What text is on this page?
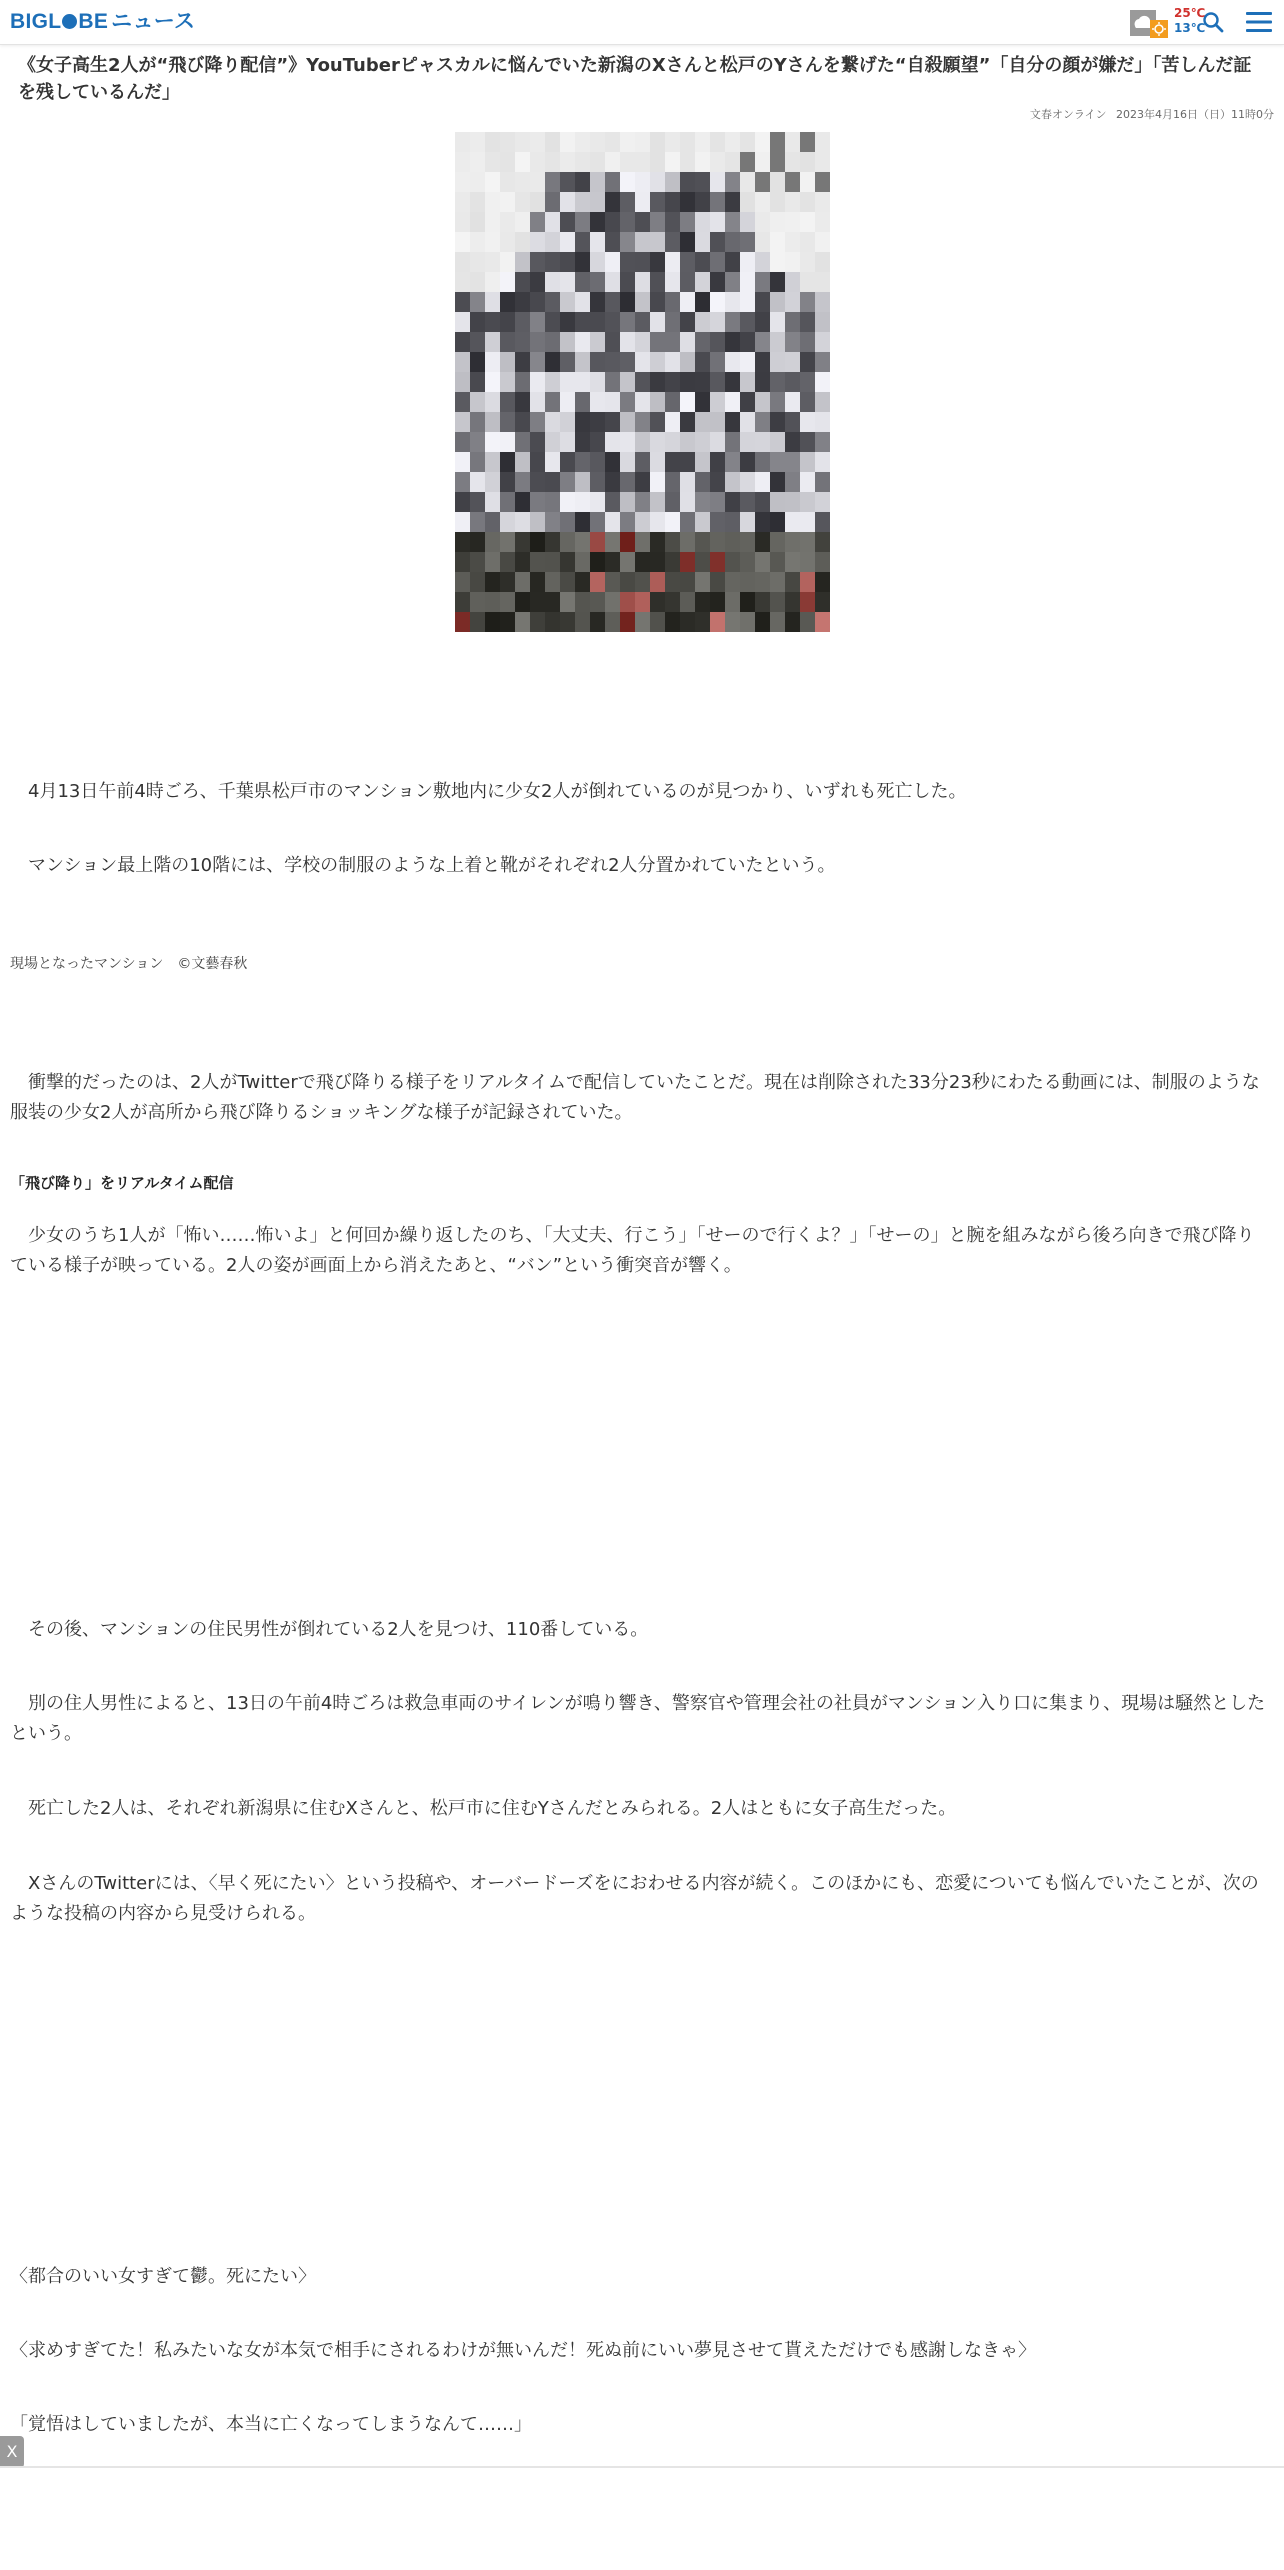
BIGL BE ニュース	25℃
13℃
《女子高生2人が“飛び降り配信”》YouTuberピャスカルに悩んでいた新潟のXさんと松戸のYさんを繋げた“自殺願望”「自分の顔が嫌だ」「苦しんだ証を残しているんだ」
文春オンライン 2023年4月16日（日）11時0分

　4月13日午前4時ごろ、千葉県松戸市のマンション敷地内に少女2人が倒れているのが見つかり、いずれも死亡した。

　マンション最上階の10階には、学校の制服のような上着と靴がそれぞれ2人分置かれていたという。

現場となったマンション　©文藝春秋

　衝撃的だったのは、2人がTwitterで飛び降りる様子をリアルタイムで配信していたことだ。現在は削除された33分23秒にわたる動画には、制服のような服装の少女2人が高所から飛び降りるショッキングな様子が記録されていた。

「飛び降り」をリアルタイム配信

　少女のうち1人が「怖い……怖いよ」と何回か繰り返したのち、「大丈夫、行こう」「せーので行くよ？」「せーの」と腕を組みながら後ろ向きで飛び降りている様子が映っている。2人の姿が画面上から消えたあと、“バン”という衝突音が響く。

　その後、マンションの住民男性が倒れている2人を見つけ、110番している。

　別の住人男性によると、13日の午前4時ごろは救急車両のサイレンが鳴り響き、警察官や管理会社の社員がマンション入り口に集まり、現場は騒然としたという。

　死亡した2人は、それぞれ新潟県に住むXさんと、松戸市に住むYさんだとみられる。2人はともに女子高生だった。

　XさんのTwitterには、〈早く死にたい〉という投稿や、オーバードーズをにおわせる内容が続く。このほかにも、恋愛についても悩んでいたことが、次のような投稿の内容から見受けられる。

〈都合のいい女すぎて鬱。死にたい〉

〈求めすぎてた！私みたいな女が本気で相手にされるわけが無いんだ！死ぬ前にいい夢見させて貰えただけでも感謝しなきゃ〉

「覚悟はしていましたが、本当に亡くなってしまうなんて……」

X
